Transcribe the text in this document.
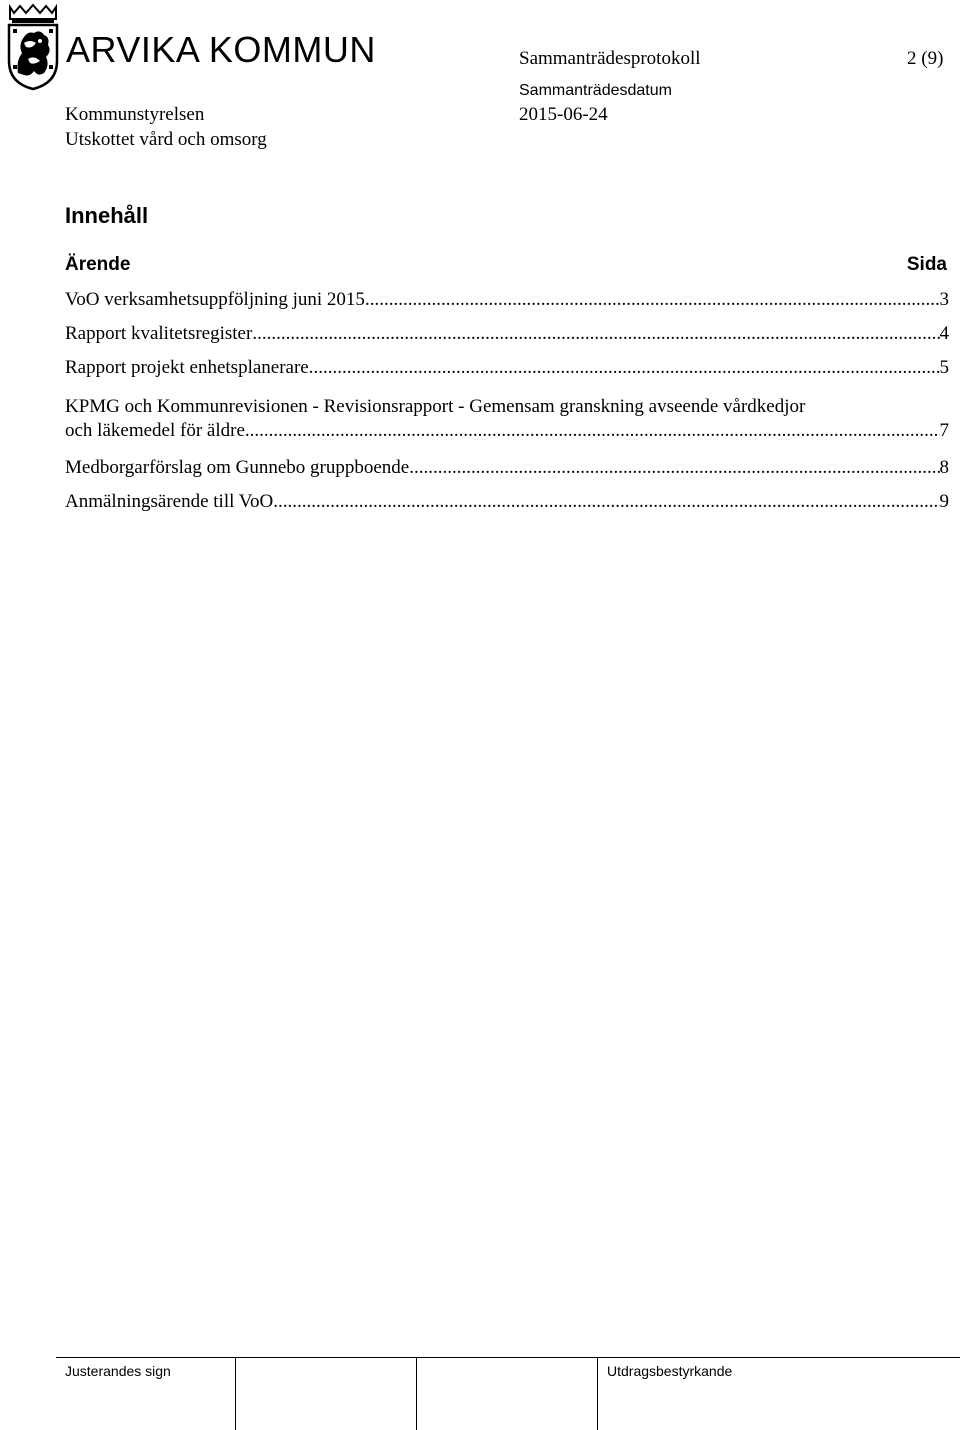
ARVIKA KOMMUN	Sammanträdesprotokoll	2 (9)
Sammanträdesdatum
Kommunstyrelsen	2015-06-24
Utskottet vård och omsorg
Innehåll
Ärende	Sida
VoO verksamhetsuppföljning juni 2015 .....	3
Rapport kvalitetsregister .....	4
Rapport projekt enhetsplanerare .....	5
KPMG och Kommunrevisionen - Revisionsrapport - Gemensam granskning avseende vårdkedjor
och läkemedel för äldre .....	7
Medborgarförslag om Gunnebo gruppboende .....	8
Anmälningsärende till VoO .....	9
Justerandes sign	Utdragsbestyrkande
